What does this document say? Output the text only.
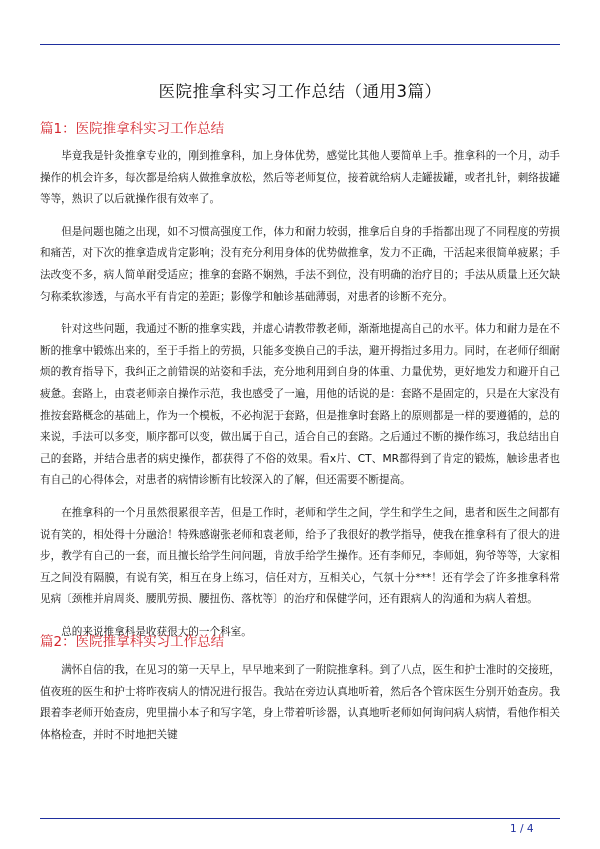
医院推拿科实习工作总结（通用3篇）
篇1：医院推拿科实习工作总结

毕竟我是针灸推拿专业的，刚到推拿科，加上身体优势，感觉比其他人要简单上手。推拿科的一个月，动手操作的机会许多，每次都是给病人做推拿放松，然后等老师复位，接着就给病人走罐拔罐，或者扎针，刺络拔罐等等，熟识了以后就操作很有效率了。

但是问题也随之出现，如不习惯高强度工作，体力和耐力较弱，推拿后自身的手指都出现了不同程度的劳损和痛苦，对下次的推拿造成肯定影响；没有充分利用身体的优势做推拿，发力不正确，干活起来很简单疲累；手法改变不多，病人简单耐受适应；推拿的套路不娴熟，手法不到位，没有明确的治疗目的；手法从质量上还欠缺匀称柔软渗透，与高水平有肯定的差距；影像学和触诊基础薄弱，对患者的诊断不充分。

针对这些问题，我通过不断的推拿实践，并虚心请教带教老师，渐渐地提高自己的水平。体力和耐力是在不断的推拿中锻炼出来的，至于手指上的劳损，只能多变换自己的手法，避开拇指过多用力。同时，在老师仔细耐烦的教育指导下，我纠正之前错误的站姿和手法，充分地利用到自身的体重、力量优势，更好地发力和避开自己疲惫。套路上，由袁老师亲自操作示范，我也感受了一遍，用他的话说的是：套路不是固定的，只是在大家没有推按套路概念的基础上，作为一个模板，不必拘泥于套路，但是推拿时套路上的原则都是一样的要遵循的，总的来说，手法可以多变，顺序都可以变，做出属于自己，适合自己的套路。之后通过不断的操作练习，我总结出自己的套路，并结合患者的病史操作，都获得了不俗的效果。看x片、CT、MR都得到了肯定的锻炼，触诊患者也有自己的心得体会，对患者的病情诊断有比较深入的了解，但还需要不断提高。

在推拿科的一个月虽然很累很辛苦，但是工作时，老师和学生之间，学生和学生之间，患者和医生之间都有说有笑的，相处得十分融洽！特殊感谢张老师和袁老师，给予了我很好的教学指导，使我在推拿科有了很大的进步，教学有自己的一套，而且擅长给学生问问题，肯放手给学生操作。还有李师兄，李师姐，狗爷等等，大家相互之间没有隔膜，有说有笑，相互在身上练习，信任对方，互相关心，气氛十分***！还有学会了许多推拿科常见病〔颈椎并肩周炎、腰肌劳损、腰扭伤、落枕等〕的治疗和保健学问，还有跟病人的沟通和为病人着想。

总的来说推拿科是收获很大的一个科室。

篇2：医院推拿科实习工作总结

满怀自信的我，在见习的第一天早上，早早地来到了一附院推拿科。到了八点，医生和护士准时的交接班，值夜班的医生和护士将昨夜病人的情况进行报告。我站在旁边认真地听着，然后各个管床医生分别开始查房。我跟着李老师开始查房，兜里揣小本子和写字笔，身上带着听诊器，认真地听老师如何询问病人病情，看他作相关体格检查，并时不时地把关键

1 / 4
